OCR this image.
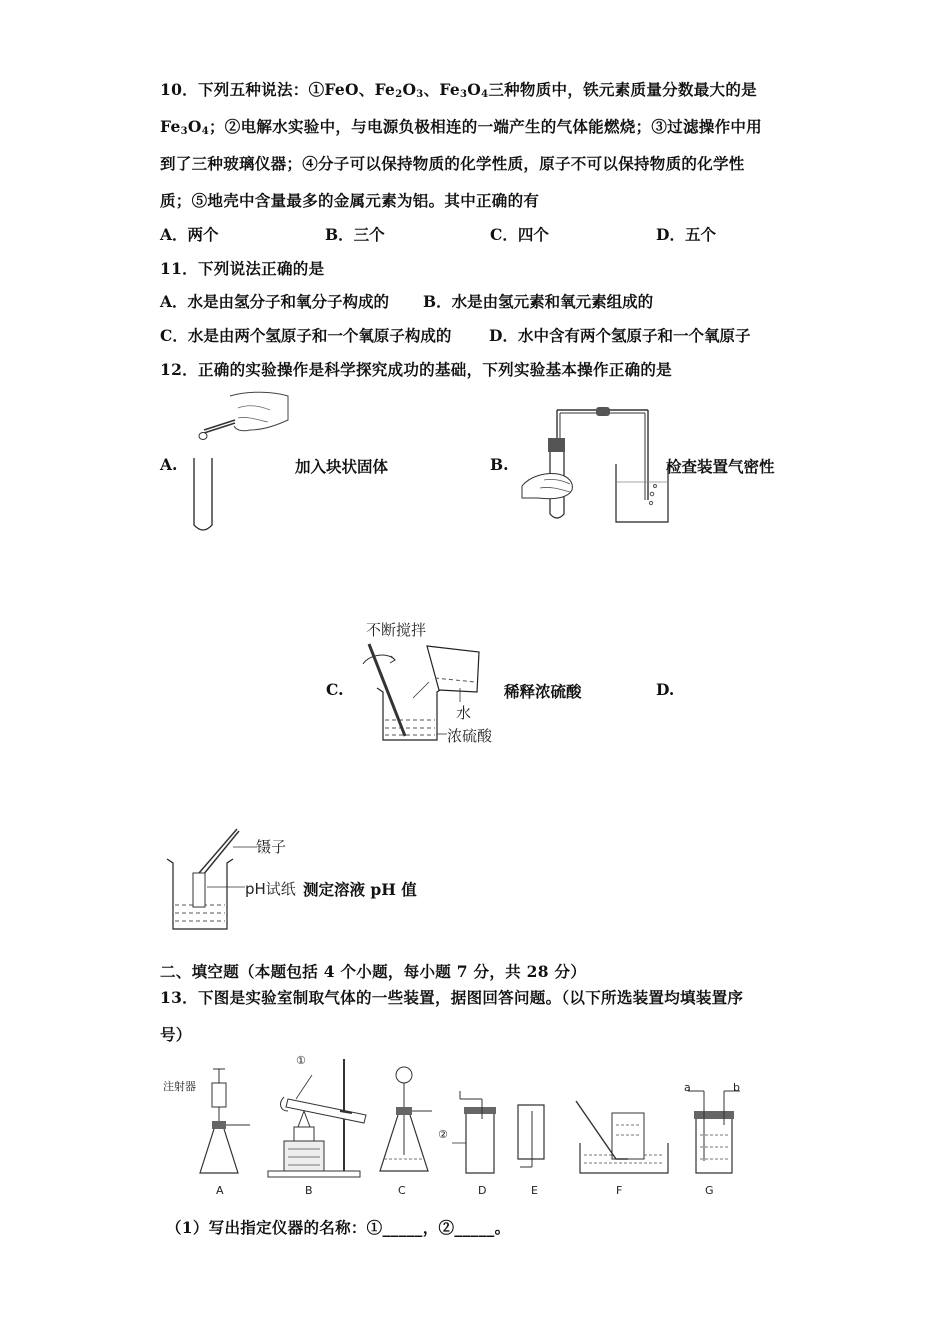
10．下列五种说法：①FeO、$Fe_2O_3$、$Fe_3O_4$三种物质中，铁元素质量分数最大的是
$Fe_3O_4$；②电解水实验中，与电源负极相连的一端产生的气体能燃烧；③过滤操作中用
到了三种玻璃仪器；④分子可以保持物质的化学性质，原子不可以保持物质的化学性
质；⑤地壳中含量最多的金属元素为铝。其中正确的有
A．两个	B．三个	C．四个	D．五个
11．下列说法正确的是
A．水是由氢分子和氧分子构成的 B．水是由氢元素和氧元素组成的
C．水是由两个氢原子和一个氧原子构成的 D．水中含有两个氢原子和一个氧原子
12．正确的实验操作是科学探究成功的基础，下列实验基本操作正确的是
A.	加入块状固体	B.	检查装置气密性
C.
不断搅拌
水
浓硫酸
稀释浓硫酸	D.
镊子
pH试纸 测定溶液 pH 值
二、填空题（本题包括 4 个小题，每小题 7 分，共 28 分）
13．下图是实验室制取气体的一些装置，据图回答问题。（以下所选装置均填装置序
号）
注射器
①
②
a	b
A	B	C	D	E	F	G
（1）写出指定仪器的名称：①_____，②_____。
